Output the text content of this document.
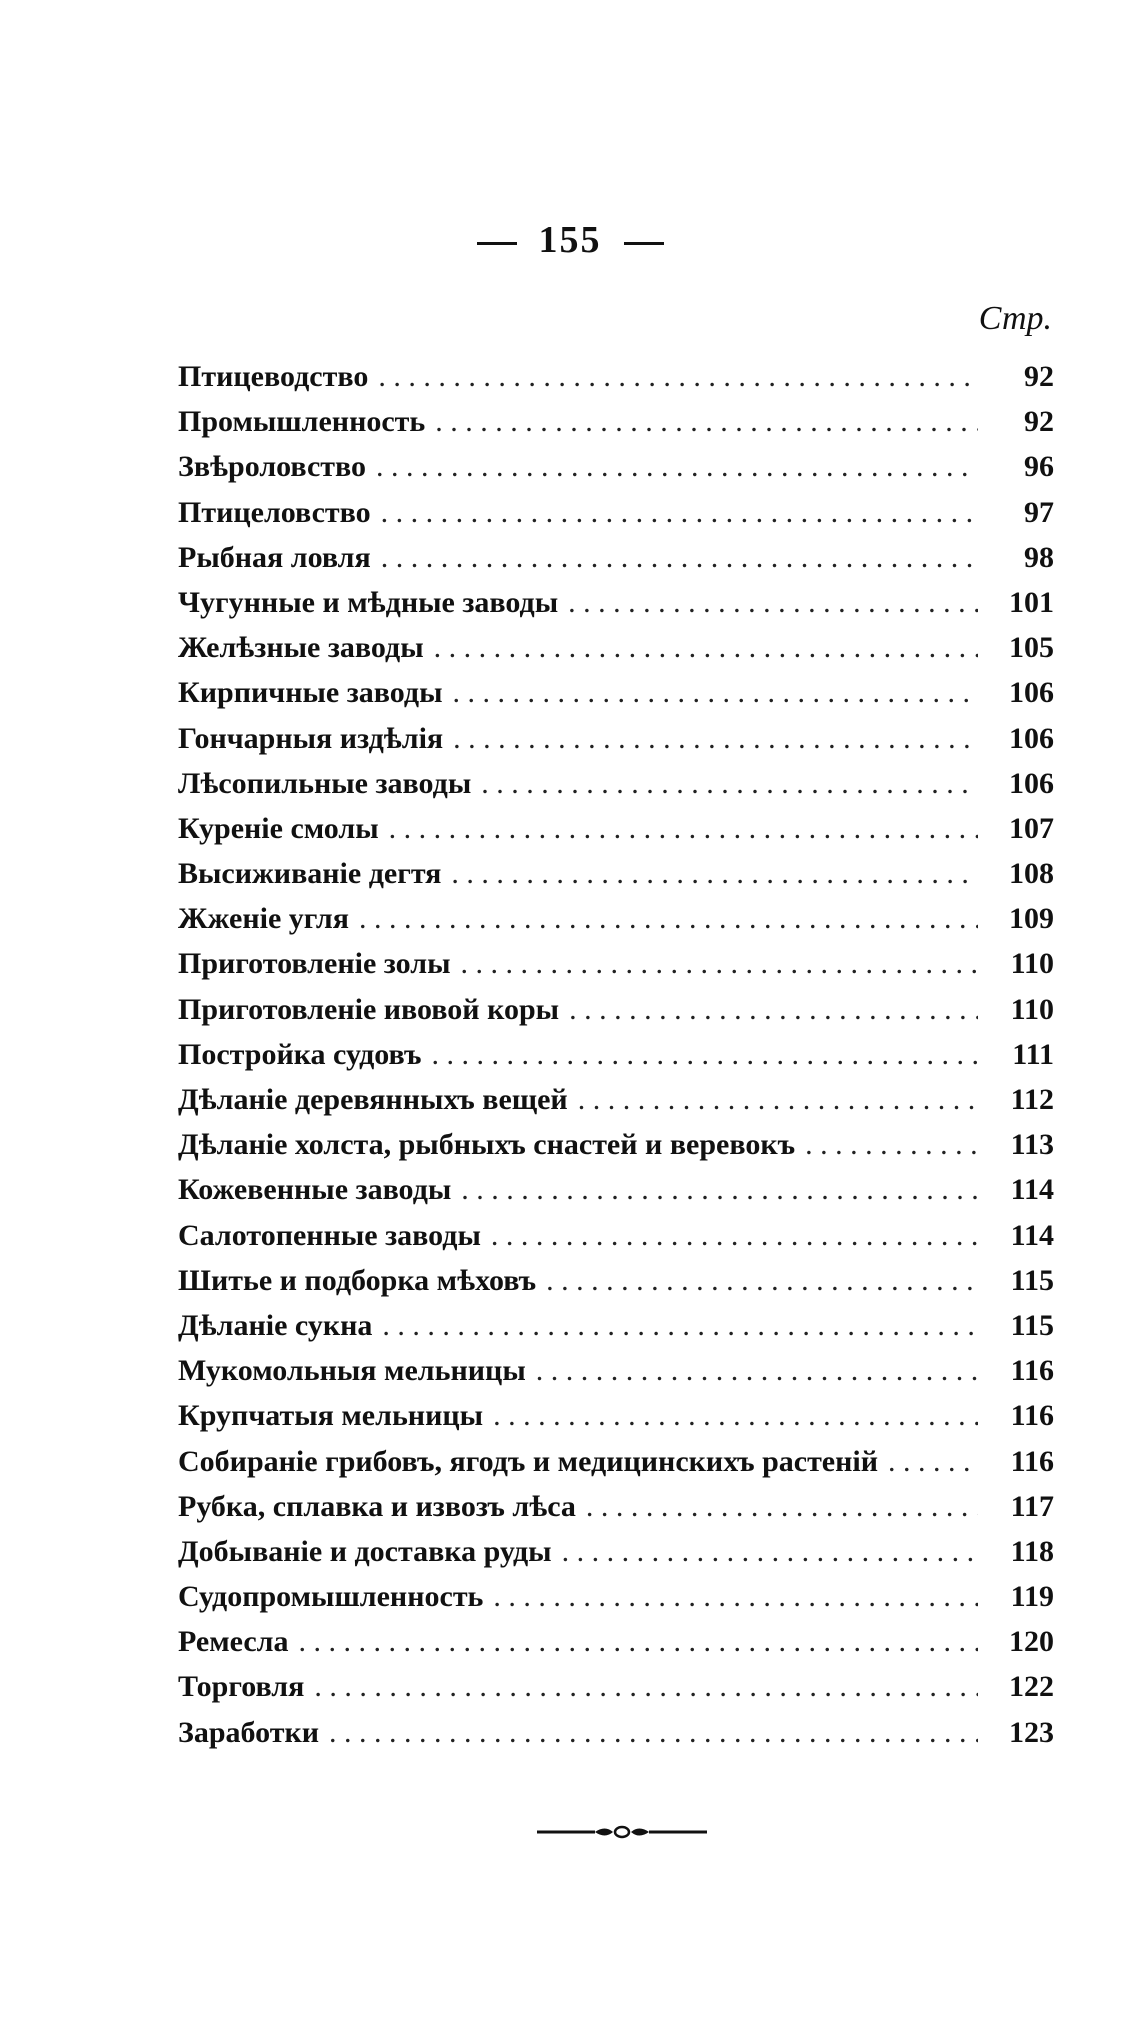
155
Стр.
Птицеводство . . .	92
Промышленность . . .	92
Звѣроловство . . .	96
Птицеловство . . .	97
Рыбная ловля . . .	98
Чугунные и мѣдные заводы . . .	101
Желѣзные заводы . . .	105
Кирпичные заводы . . .	106
Гончарныя издѣлія . . .	106
Лѣсопильные заводы . . .	106
Куреніе смолы . . .	107
Высиживаніе дегтя . . .	108
Жженіе угля . . .	109
Приготовленіе золы . . .	110
Приготовленіе ивовой коры . . .	110
Постройка судовъ . . .	111
Дѣланіе деревянныхъ вещей . . .	112
Дѣланіе холста, рыбныхъ снастей и веревокъ . . .	113
Кожевенные заводы . . .	114
Салотопенные заводы . . .	114
Шитье и подборка мѣховъ . . .	115
Дѣланіе сукна . . .	115
Мукомольныя мельницы . . .	116
Крупчатыя мельницы . . .	116
Собираніе грибовъ, ягодъ и медицинскихъ растеній . . .	116
Рубка, сплавка и извозъ лѣса . . .	117
Добываніе и доставка руды . . .	118
Судопромышленность . . .	119
Ремесла . . .	120
Торговля . . .	122
Заработки . . .	123
